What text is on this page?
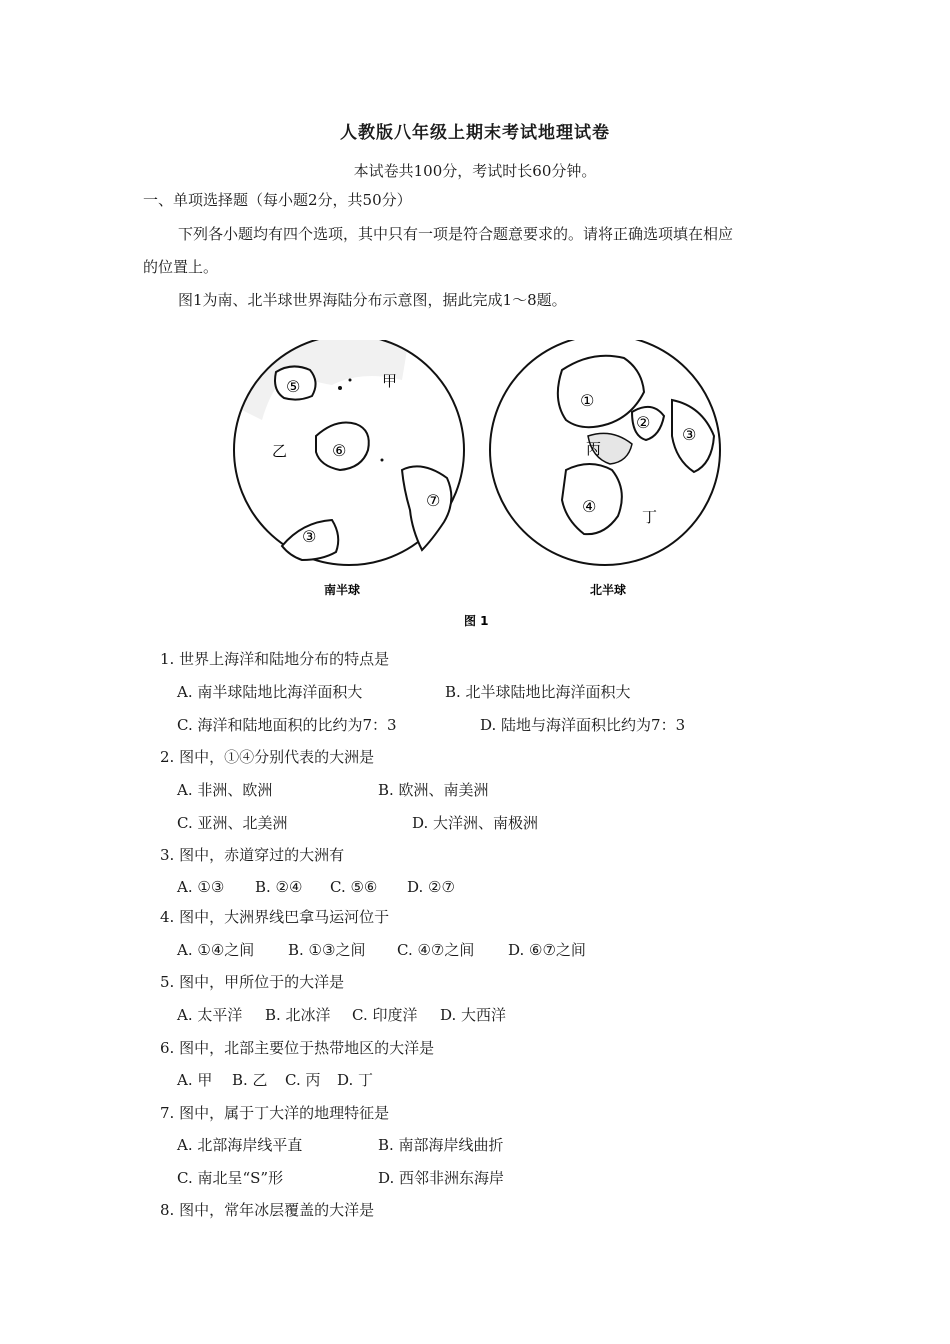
人教版八年级上期末考试地理试卷
本试卷共100分，考试时长60分钟。
一、单项选择题（每小题2分，共50分）
下列各小题均有四个选项，其中只有一项是符合题意要求的。请将正确选项填在相应
的位置上。
图1为南、北半球世界海陆分布示意图，据此完成1～8题。
⑤	甲
乙	⑥
⑦
③
①
②
③
丙
④
丁
南半球	北半球
图 1
1. 世界上海洋和陆地分布的特点是
A. 南半球陆地比海洋面积大	B. 北半球陆地比海洋面积大
C. 海洋和陆地面积的比约为7：3	D. 陆地与海洋面积比约为7：3
2. 图中，①④分别代表的大洲是
A. 非洲、欧洲	B. 欧洲、南美洲
C. 亚洲、北美洲	D. 大洋洲、南极洲
3. 图中，赤道穿过的大洲有
A. ①③ B. ②④ C. ⑤⑥ D. ②⑦
4. 图中，大洲界线巴拿马运河位于
A. ①④之间 B. ①③之间 C. ④⑦之间 D. ⑥⑦之间
5. 图中，甲所位于的大洋是
A. 太平洋 B. 北冰洋 C. 印度洋 D. 大西洋
6. 图中，北部主要位于热带地区的大洋是
A. 甲 B. 乙 C. 丙 D. 丁
7. 图中，属于丁大洋的地理特征是
A. 北部海岸线平直	B. 南部海岸线曲折
C. 南北呈“S”形	D. 西邻非洲东海岸
8. 图中，常年冰层覆盖的大洋是
